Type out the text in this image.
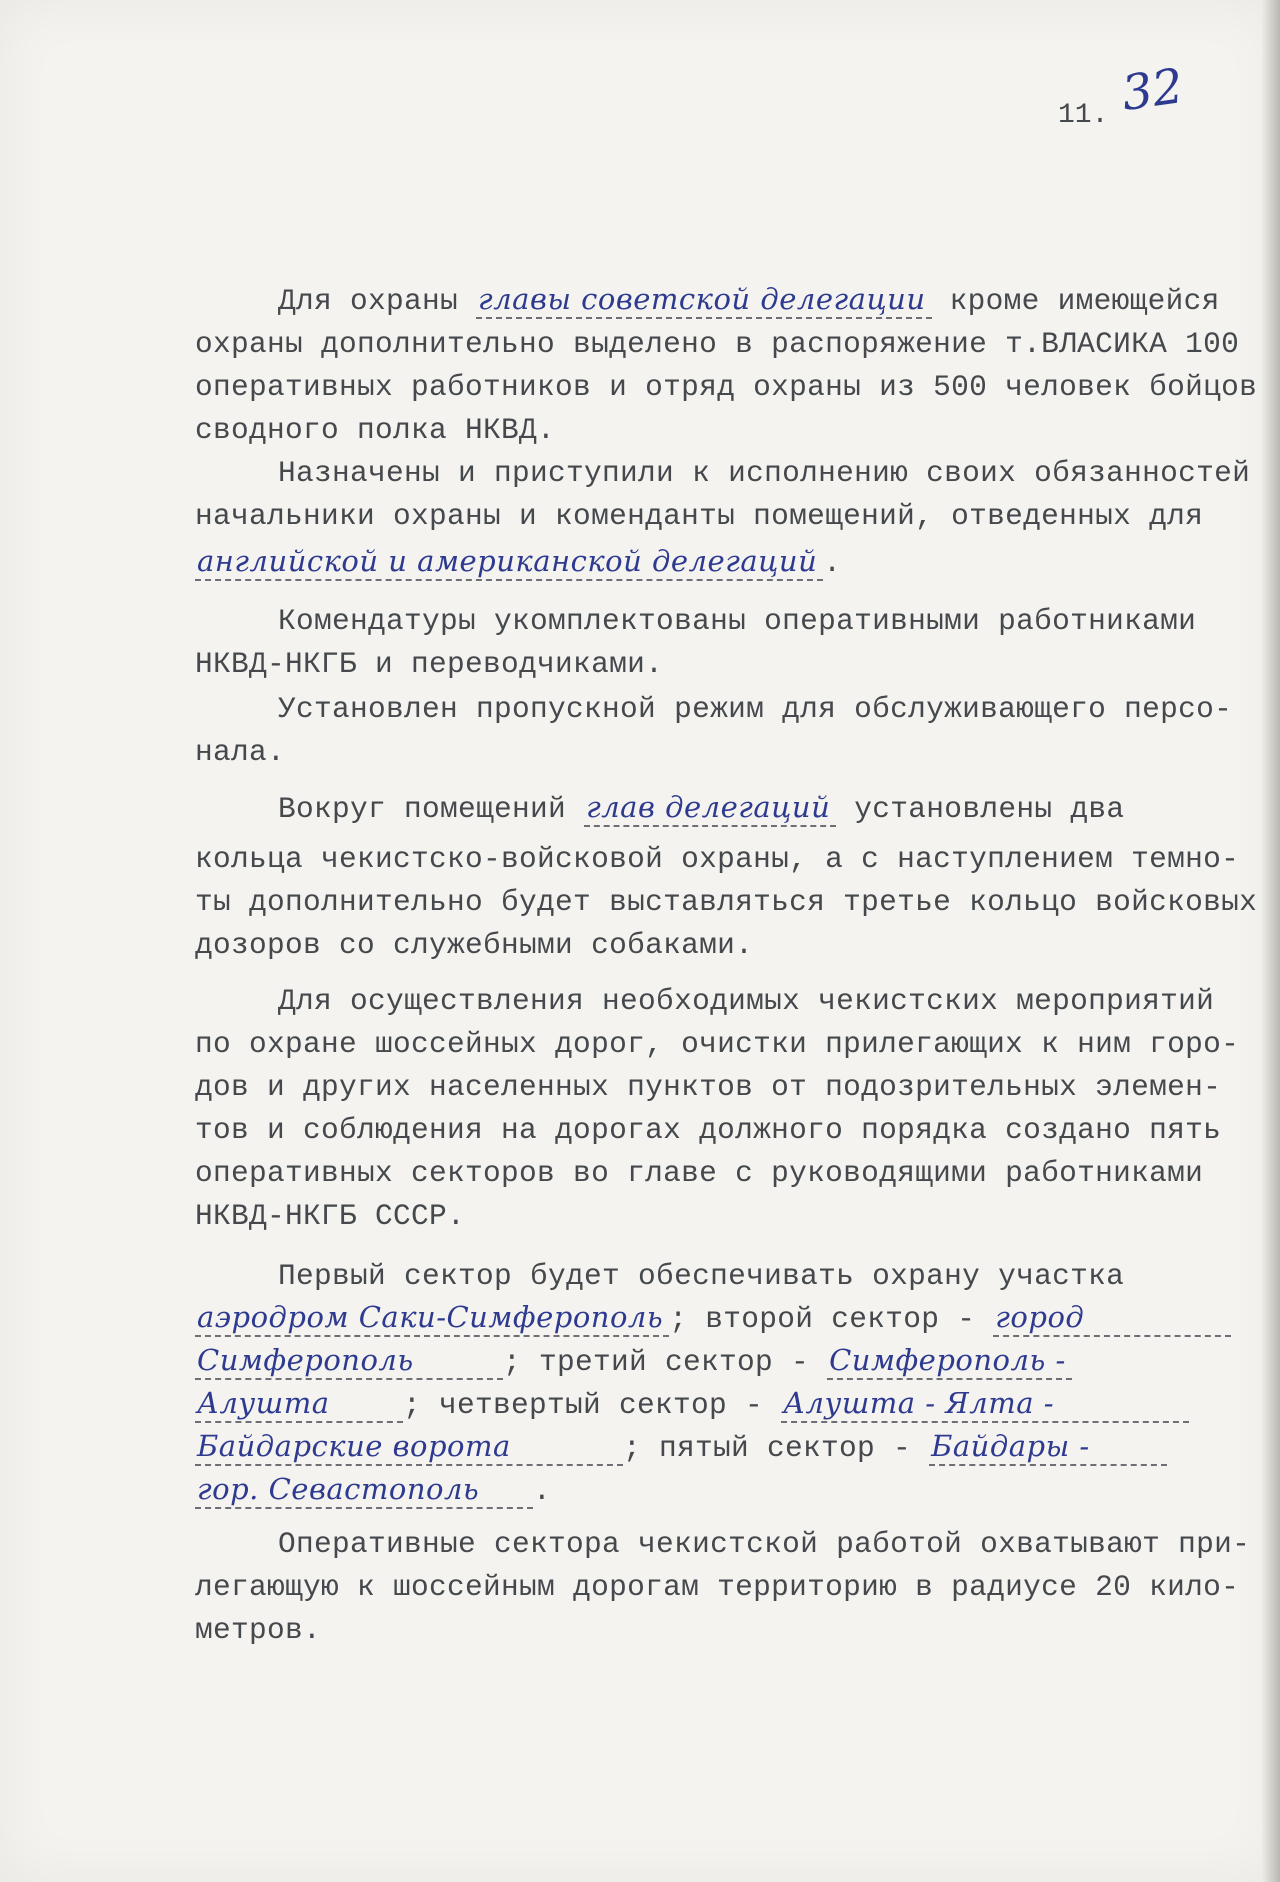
11. 32
Для охраны главы советской делегации кроме имеющейся
охраны дополнительно выделено в распоряжение т.ВЛАСИКА 100
оперативных работников и отряд охраны из 500 человек бойцов
сводного полка НКВД.
Назначены и приступили к исполнению своих обязанностей
начальники охраны и коменданты помещений, отведенных для
английской и американской делегаций .
Комендатуры укомплектованы оперативными работниками
НКВД-НКГБ и переводчиками.
Установлен пропускной режим для обслуживающего персо-
нала.
Вокруг помещений глав делегаций установлены два
кольца чекистско-войсковой охраны, а с наступлением темно-
ты дополнительно будет выставляться третье кольцо войсковых
дозоров со служебными собаками.
Для осуществления необходимых чекистских мероприятий
по охране шоссейных дорог, очистки прилегающих к ним горо-
дов и других населенных пунктов от подозрительных элемен-
тов и соблюдения на дорогах должного порядка создано пять
оперативных секторов во главе с руководящими работниками
НКВД-НКГБ СССР.
Первый сектор будет обеспечивать охрану участка
аэродром Саки-Симферополь ; второй сектор - город
Симферополь	; третий сектор - Симферополь -
Алушта ; четвертый сектор - Алушта - Ялта -
Байдарские ворота	; пятый сектор - Байдары -
гор. Севастополь .
Оперативные сектора чекистской работой охватывают при-
легающую к шоссейным дорогам территорию в радиусе 20 кило-
метров.
